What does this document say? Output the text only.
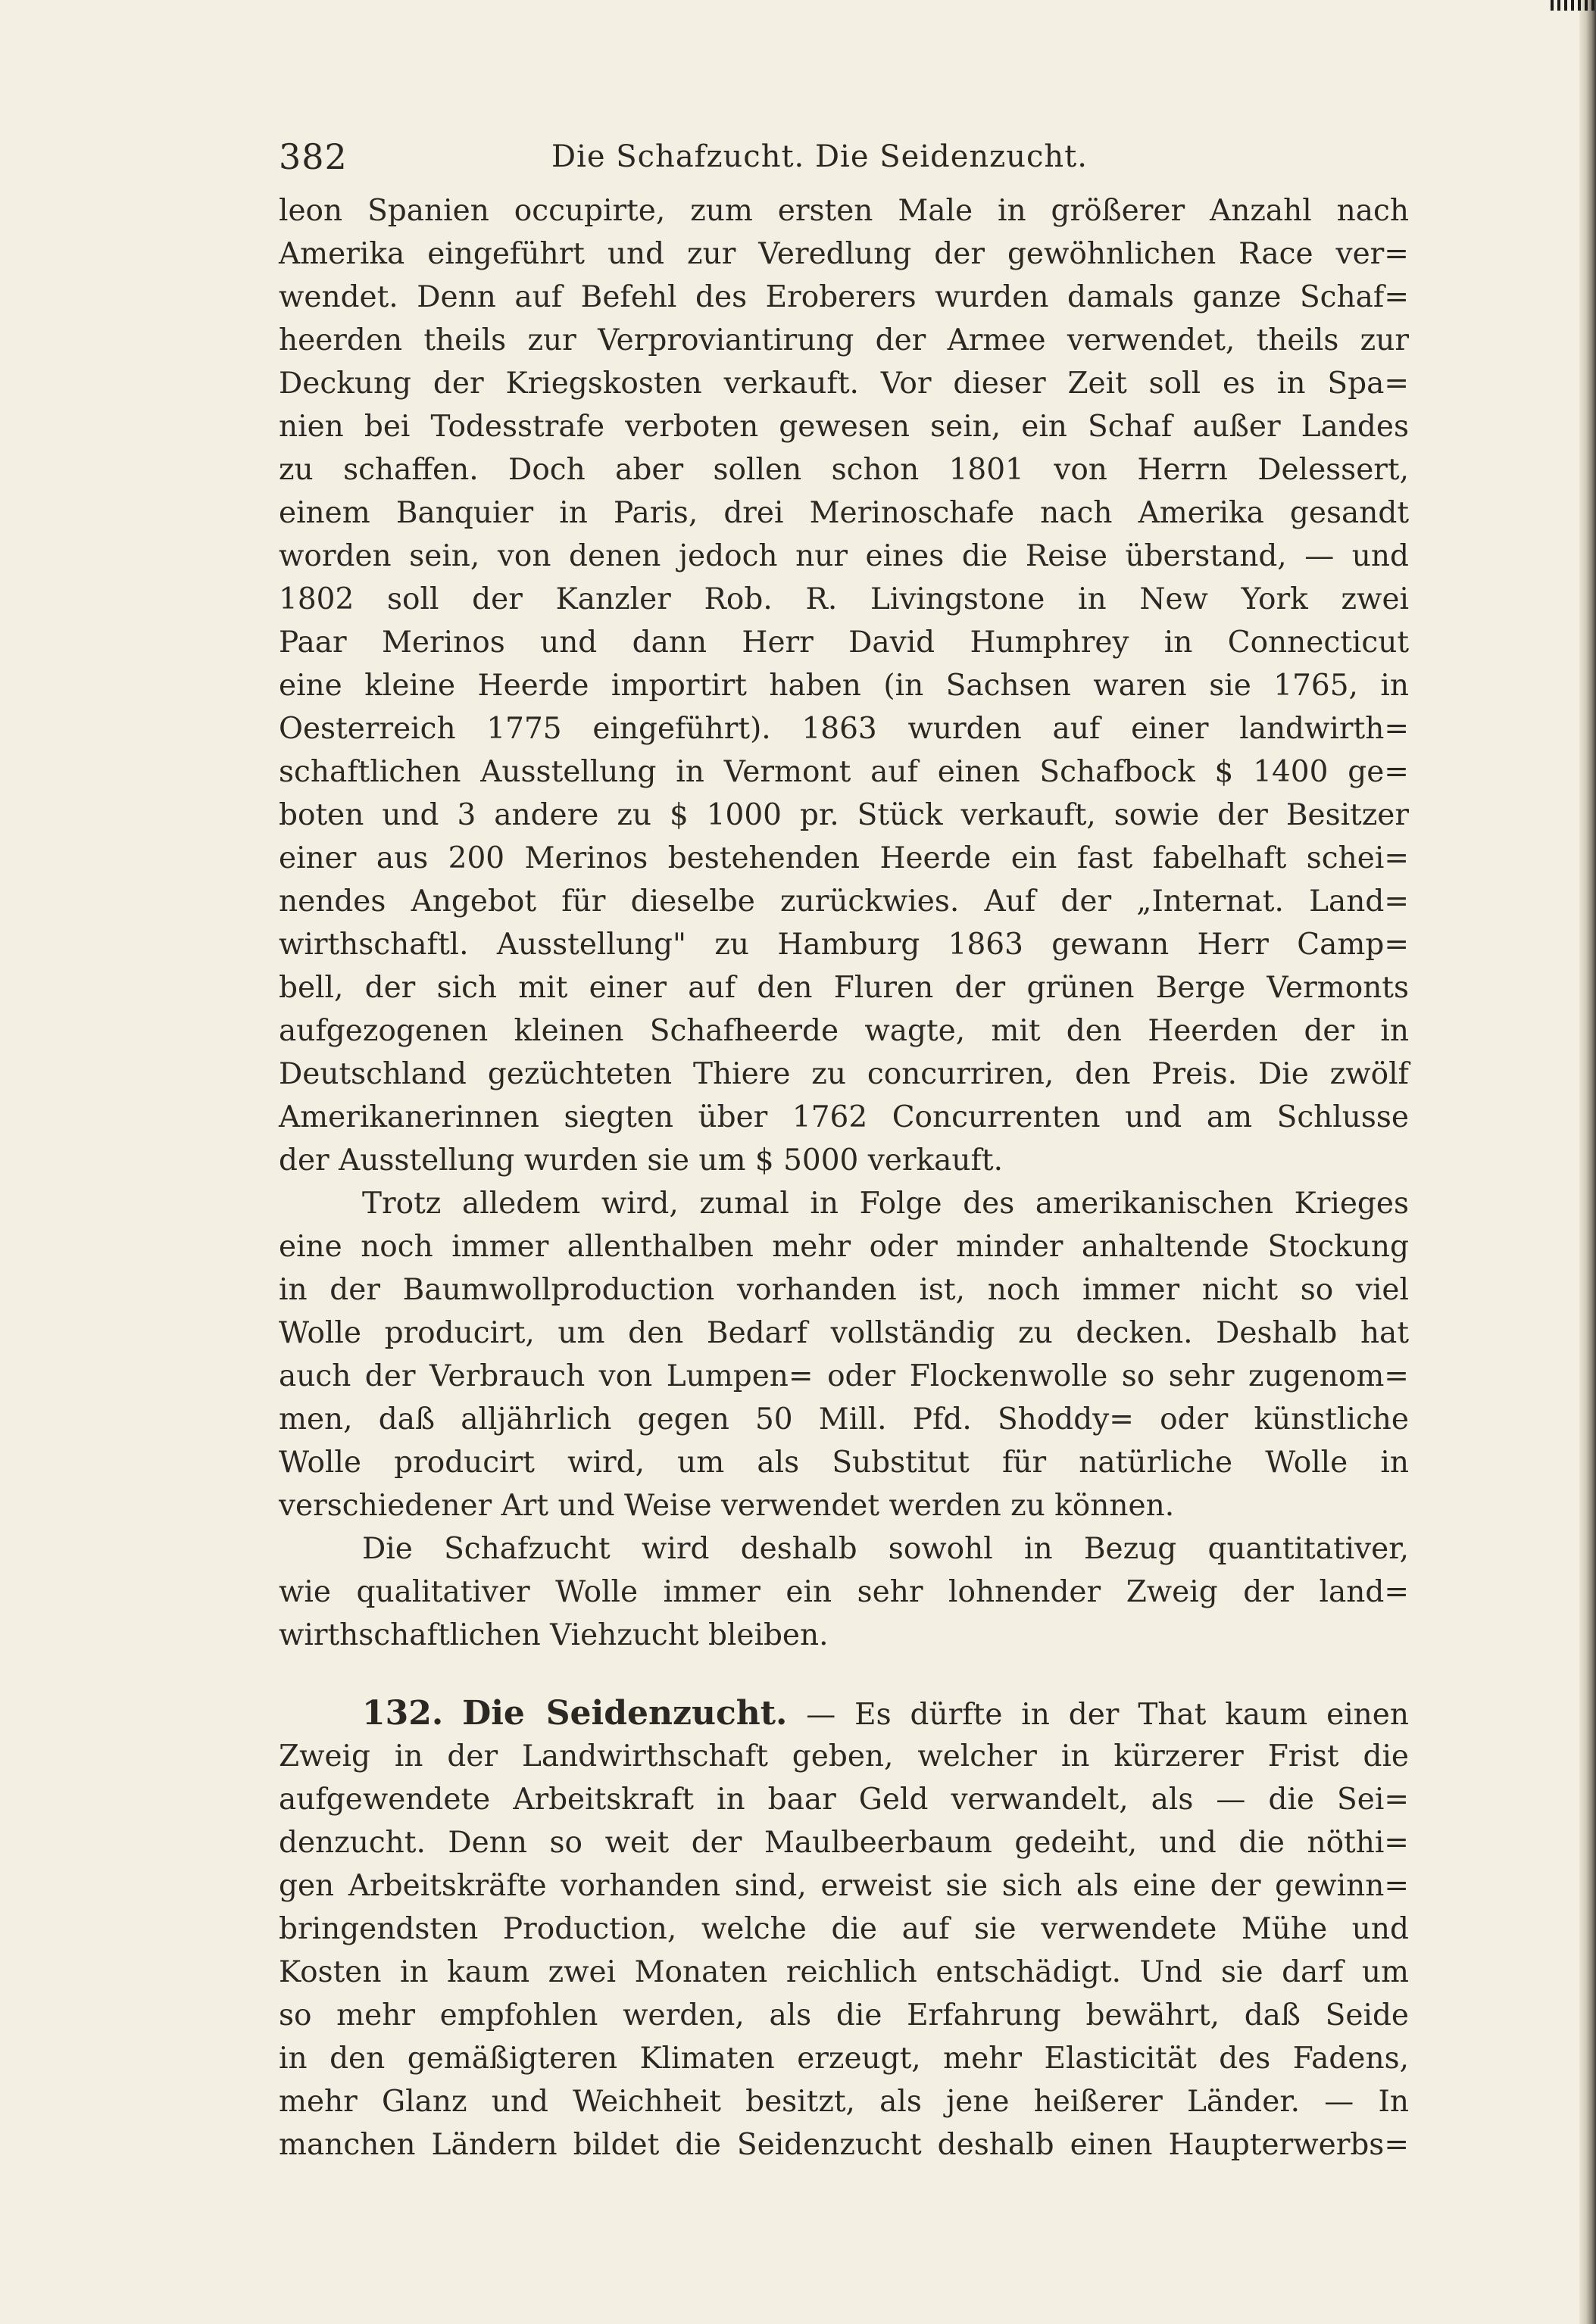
382	Die Schafzucht. Die Seidenzucht.
leon Spanien occupirte, zum ersten Male in größerer Anzahl nach
Amerika eingeführt und zur Veredlung der gewöhnlichen Race ver=
wendet. Denn auf Befehl des Eroberers wurden damals ganze Schaf=
heerden theils zur Verproviantirung der Armee verwendet, theils zur
Deckung der Kriegskosten verkauft. Vor dieser Zeit soll es in Spa=
nien bei Todesstrafe verboten gewesen sein, ein Schaf außer Landes
zu schaffen. Doch aber sollen schon 1801 von Herrn Delessert,
einem Banquier in Paris, drei Merinoschafe nach Amerika gesandt
worden sein, von denen jedoch nur eines die Reise überstand, — und
1802 soll der Kanzler Rob. R. Livingstone in New York zwei
Paar Merinos und dann Herr David Humphrey in Connecticut
eine kleine Heerde importirt haben (in Sachsen waren sie 1765, in
Oesterreich 1775 eingeführt). 1863 wurden auf einer landwirth=
schaftlichen Ausstellung in Vermont auf einen Schafbock $ 1400 ge=
boten und 3 andere zu $ 1000 pr. Stück verkauft, sowie der Besitzer
einer aus 200 Merinos bestehenden Heerde ein fast fabelhaft schei=
nendes Angebot für dieselbe zurückwies. Auf der „Internat. Land=
wirthschaftl. Ausstellung" zu Hamburg 1863 gewann Herr Camp=
bell, der sich mit einer auf den Fluren der grünen Berge Vermonts
aufgezogenen kleinen Schafheerde wagte, mit den Heerden der in
Deutschland gezüchteten Thiere zu concurriren, den Preis. Die zwölf
Amerikanerinnen siegten über 1762 Concurrenten und am Schlusse
der Ausstellung wurden sie um $ 5000 verkauft.
Trotz alledem wird, zumal in Folge des amerikanischen Krieges
eine noch immer allenthalben mehr oder minder anhaltende Stockung
in der Baumwollproduction vorhanden ist, noch immer nicht so viel
Wolle producirt, um den Bedarf vollständig zu decken. Deshalb hat
auch der Verbrauch von Lumpen= oder Flockenwolle so sehr zugenom=
men, daß alljährlich gegen 50 Mill. Pfd. Shoddy= oder künstliche
Wolle producirt wird, um als Substitut für natürliche Wolle in
verschiedener Art und Weise verwendet werden zu können.
Die Schafzucht wird deshalb sowohl in Bezug quantitativer,
wie qualitativer Wolle immer ein sehr lohnender Zweig der land=
wirthschaftlichen Viehzucht bleiben.
132. Die Seidenzucht. — Es dürfte in der That kaum einen
Zweig in der Landwirthschaft geben, welcher in kürzerer Frist die
aufgewendete Arbeitskraft in baar Geld verwandelt, als — die Sei=
denzucht. Denn so weit der Maulbeerbaum gedeiht, und die nöthi=
gen Arbeitskräfte vorhanden sind, erweist sie sich als eine der gewinn=
bringendsten Production, welche die auf sie verwendete Mühe und
Kosten in kaum zwei Monaten reichlich entschädigt. Und sie darf um
so mehr empfohlen werden, als die Erfahrung bewährt, daß Seide
in den gemäßigteren Klimaten erzeugt, mehr Elasticität des Fadens,
mehr Glanz und Weichheit besitzt, als jene heißerer Länder. — In
manchen Ländern bildet die Seidenzucht deshalb einen Haupterwerbs=
